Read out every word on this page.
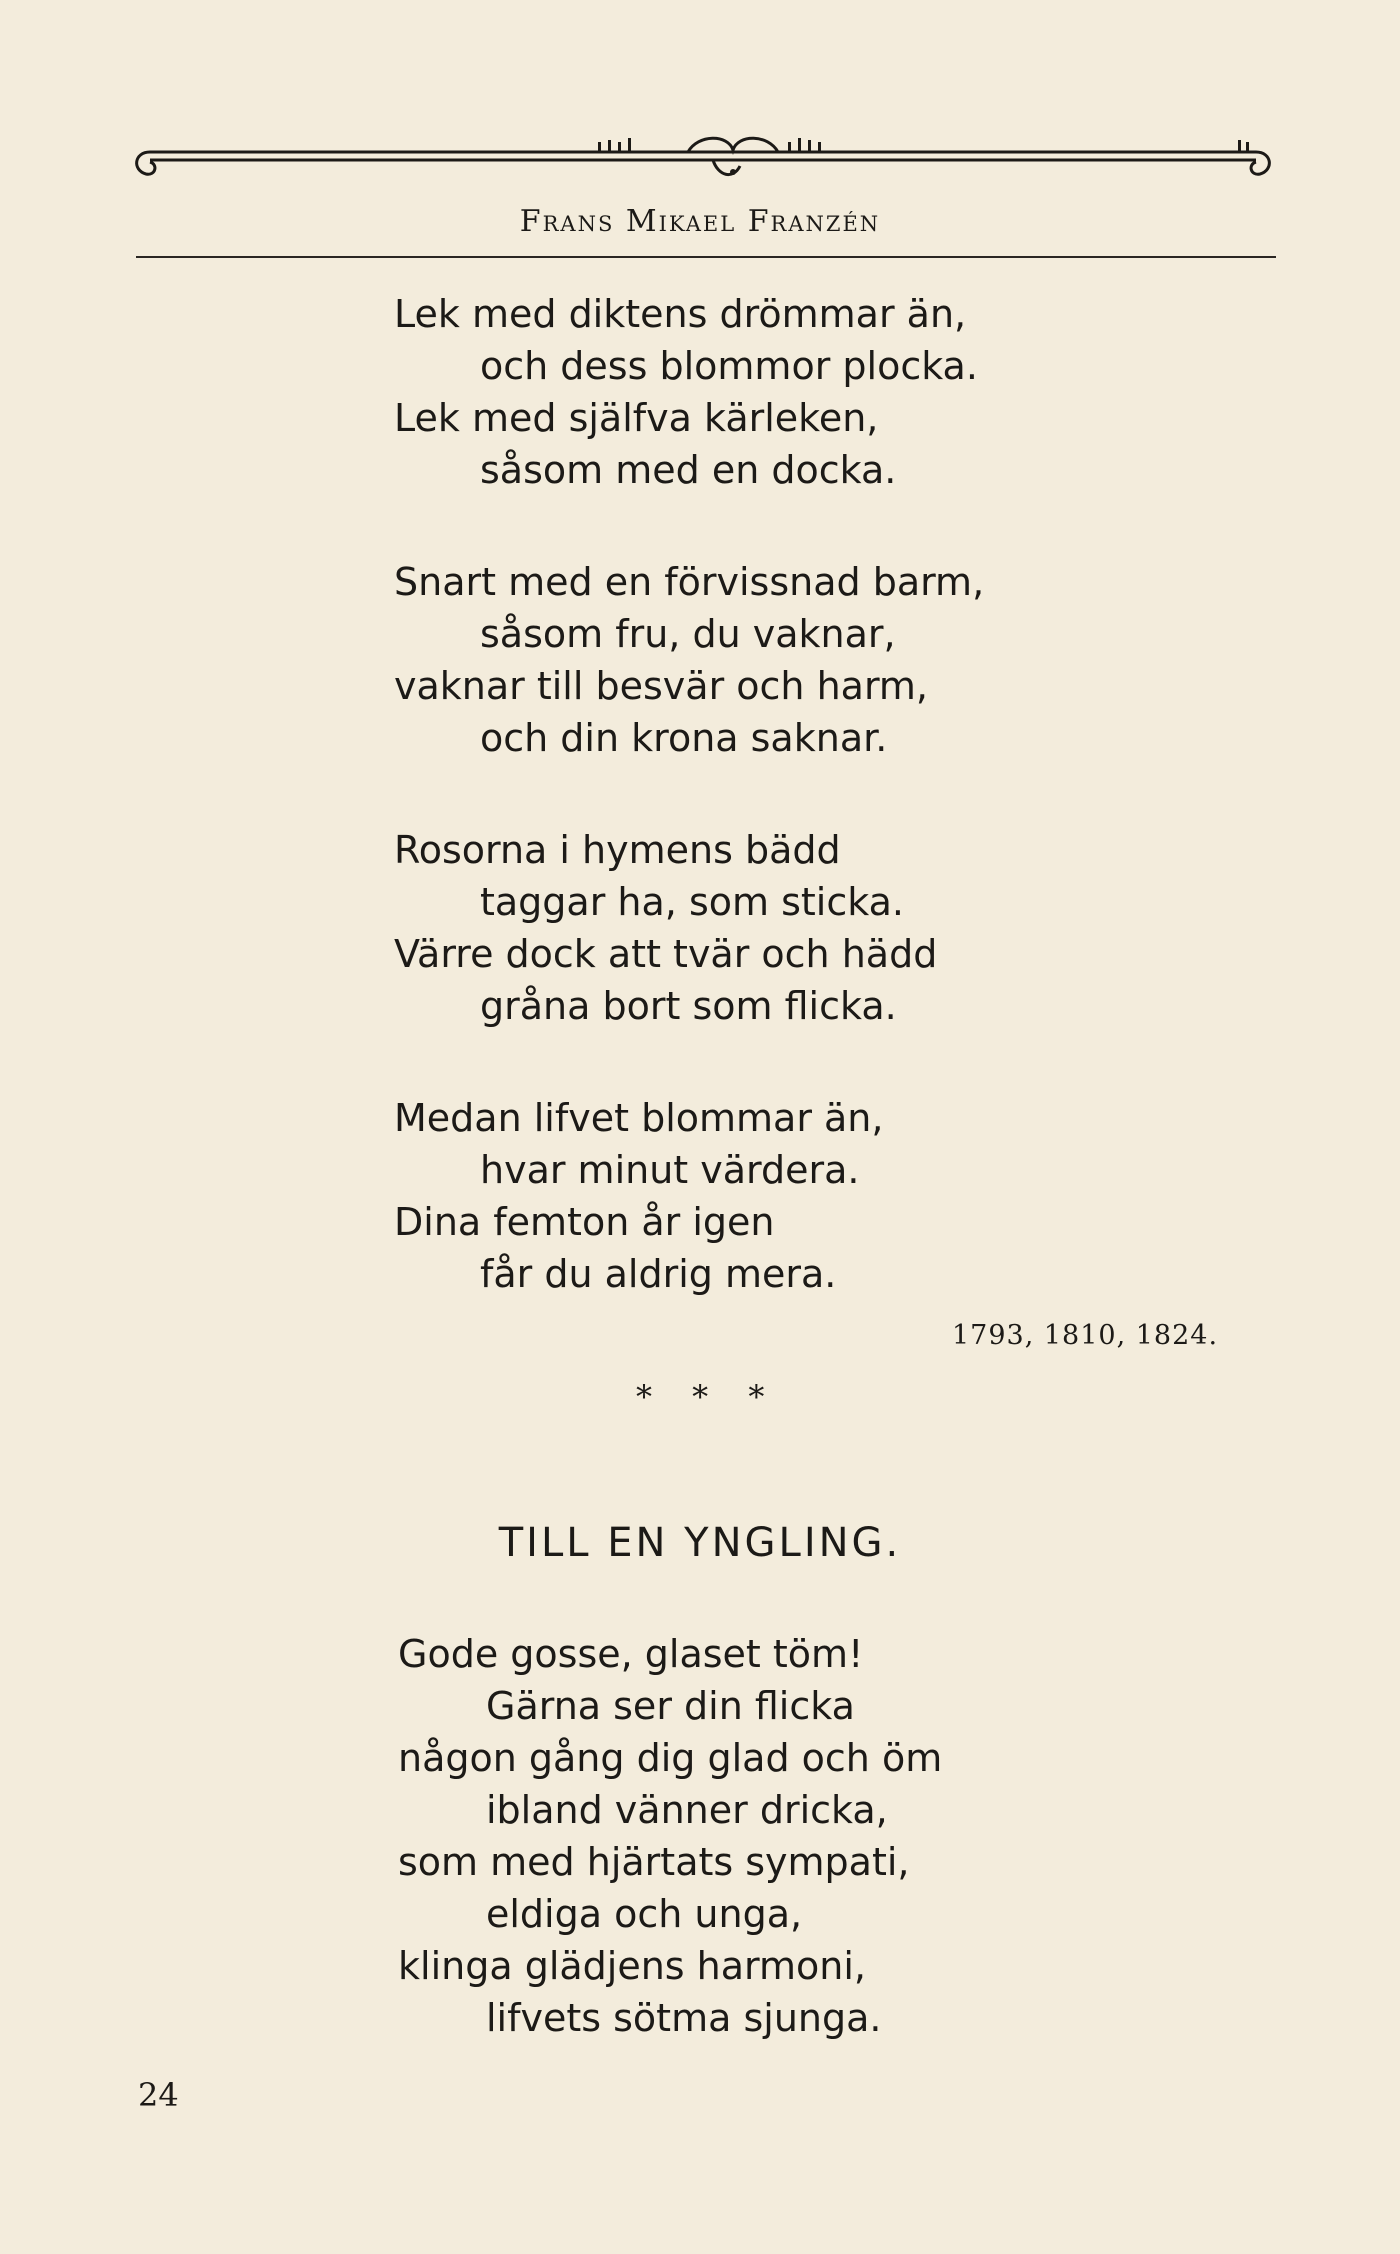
Frans Mikael Franzén
Lek med diktens drömmar än,
och dess blommor plocka.
Lek med själfva kärleken,
såsom med en docka.
Snart med en förvissnad barm,
såsom fru, du vaknar,
vaknar till besvär och harm,
och din krona saknar.
Rosorna i hymens bädd
taggar ha, som sticka.
Värre dock att tvär och hädd
gråna bort som flicka.
Medan lifvet blommar än,
hvar minut värdera.
Dina femton år igen
får du aldrig mera.
1793, 1810, 1824.
* * *
TILL EN YNGLING.
Gode gosse, glaset töm!
Gärna ser din flicka
någon gång dig glad och öm
ibland vänner dricka,
som med hjärtats sympati,
eldiga och unga,
klinga glädjens harmoni,
lifvets sötma sjunga.
24
